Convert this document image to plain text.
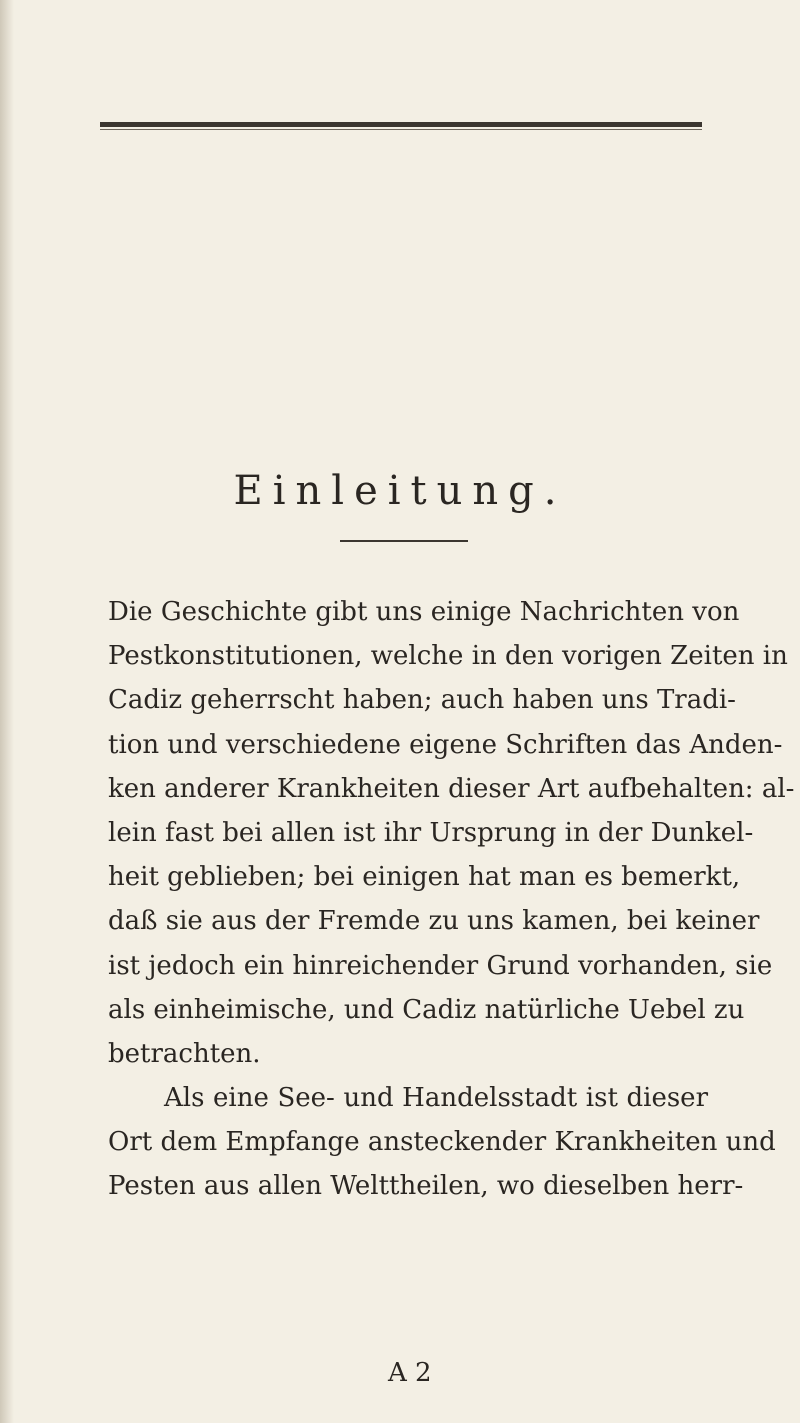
Einleitung.
Die Geschichte gibt uns einige Nachrichten von
Pestkonstitutionen, welche in den vorigen Zeiten in
Cadiz geherrscht haben; auch haben uns Tradi-
tion und verschiedene eigene Schriften das Anden-
ken anderer Krankheiten dieser Art aufbehalten: al-
lein fast bei allen ist ihr Ursprung in der Dunkel-
heit geblieben; bei einigen hat man es bemerkt,
daß sie aus der Fremde zu uns kamen, bei keiner
ist jedoch ein hinreichender Grund vorhanden, sie
als einheimische, und Cadiz natürliche Uebel zu
betrachten.
Als eine See- und Handelsstadt ist dieser
Ort dem Empfange ansteckender Krankheiten und
Pesten aus allen Welttheilen, wo dieselben herr-
A 2
